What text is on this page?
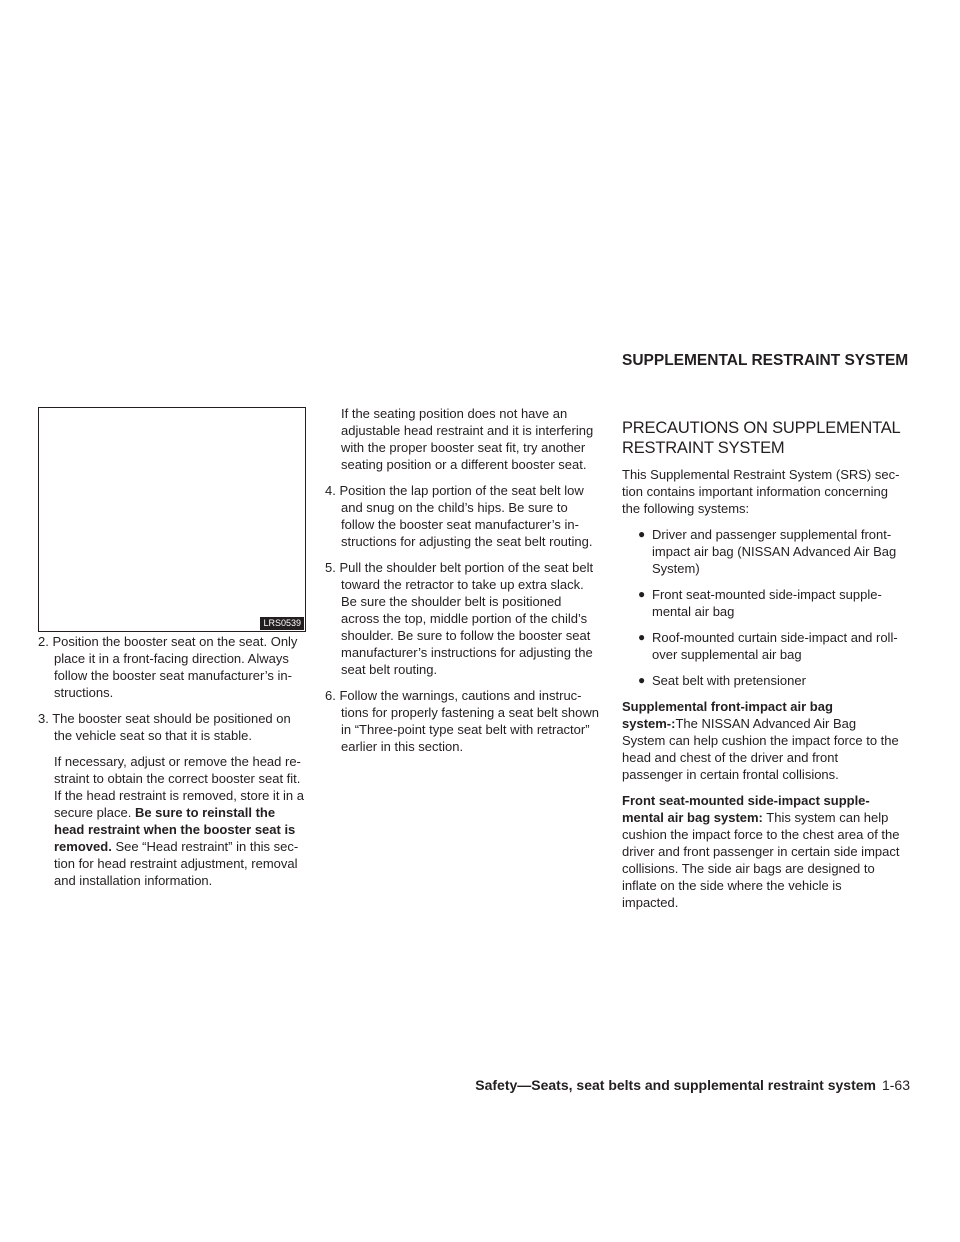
LRS0539

2. Position the booster seat on the seat. Only place it in a front-facing direction. Always follow the booster seat manufacturer’s in-structions.

3. The booster seat should be positioned on the vehicle seat so that it is stable.

If necessary, adjust or remove the head re-straint to obtain the correct booster seat fit. If the head restraint is removed, store it in a secure place. Be sure to reinstall the head restraint when the booster seat is removed. See “Head restraint” in this sec-tion for head restraint adjustment, removal and installation information.

If the seating position does not have an adjustable head restraint and it is interfering with the proper booster seat fit, try another seating position or a different booster seat.

4. Position the lap portion of the seat belt low and snug on the child’s hips. Be sure to follow the booster seat manufacturer’s in-structions for adjusting the seat belt routing.

5. Pull the shoulder belt portion of the seat belt toward the retractor to take up extra slack. Be sure the shoulder belt is positioned across the top, middle portion of the child’s shoulder. Be sure to follow the booster seat manufacturer’s instructions for adjusting the seat belt routing.

6. Follow the warnings, cautions and instruc-tions for properly fastening a seat belt shown in “Three-point type seat belt with retractor” earlier in this section.

SUPPLEMENTAL RESTRAINT SYSTEM
PRECAUTIONS ON SUPPLEMENTAL RESTRAINT SYSTEM

This Supplemental Restraint System (SRS) sec-tion contains important information concerning the following systems:

● Driver and passenger supplemental front-impact air bag (NISSAN Advanced Air Bag System)

● Front seat-mounted side-impact supple-mental air bag

● Roof-mounted curtain side-impact and roll-over supplemental air bag

● Seat belt with pretensioner

Supplemental front-impact air bag system-:The NISSAN Advanced Air Bag System can help cushion the impact force to the head and chest of the driver and front passenger in certain frontal collisions.

Front seat-mounted side-impact supple-mental air bag system: This system can help cushion the impact force to the chest area of the driver and front passenger in certain side impact collisions. The side air bags are designed to inflate on the side where the vehicle is impacted.

Safety—Seats, seat belts and supplemental restraint system 1-63
